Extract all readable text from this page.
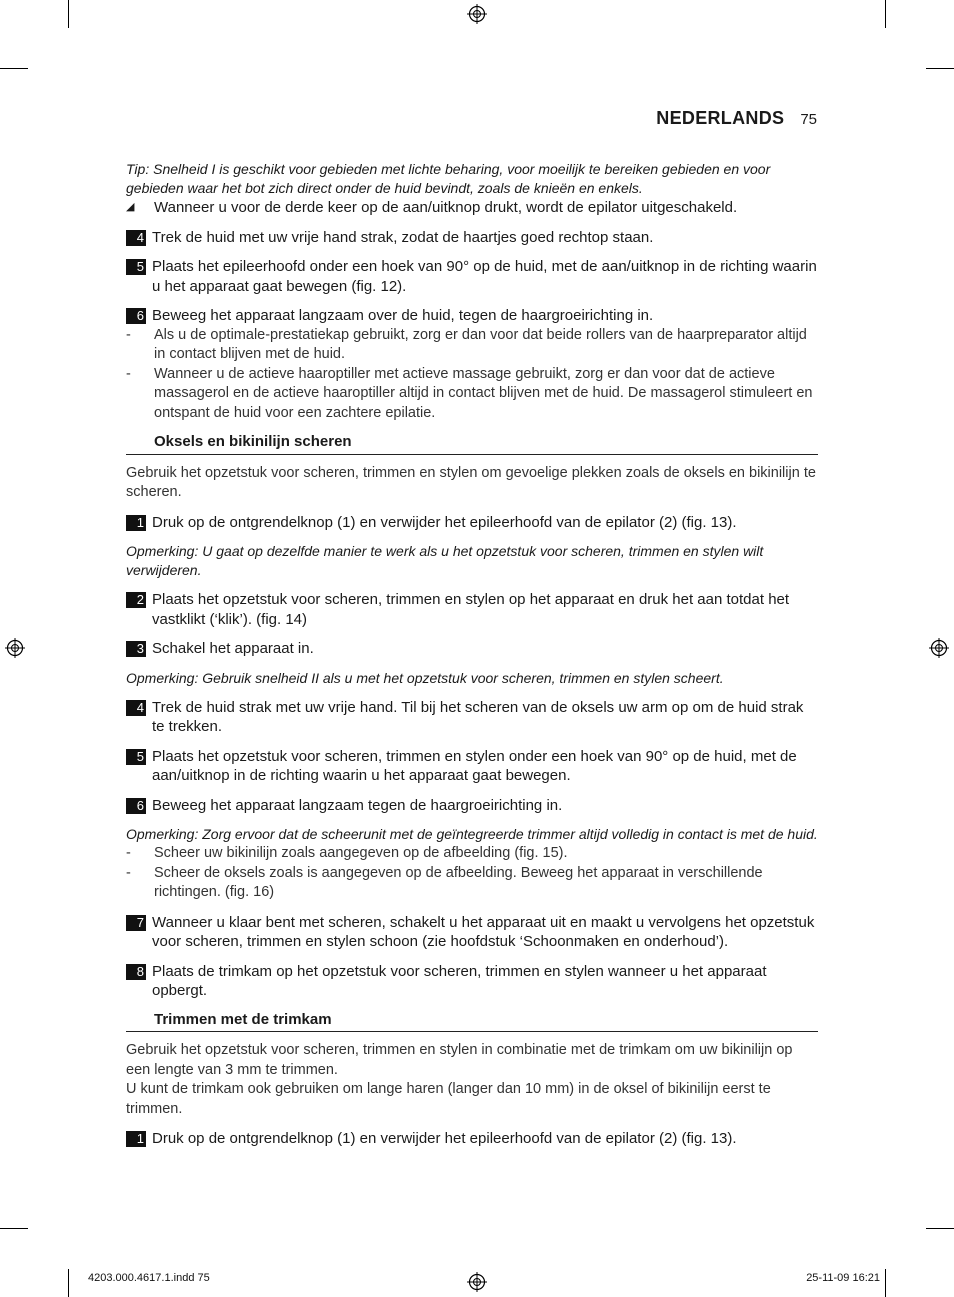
NEDERLANDS 75
Tip: Snelheid I is geschikt voor gebieden met lichte beharing, voor moeilijk te bereiken gebieden en voor gebieden waar het bot zich direct onder de huid bevindt, zoals de knieën en enkels.
◢	Wanneer u voor de derde keer op de aan/uitknop drukt, wordt de epilator uitgeschakeld.
4 Trek de huid met uw vrije hand strak, zodat de haartjes goed rechtop staan.
5 Plaats het epileerhoofd onder een hoek van 90° op de huid, met de aan/uitknop in de richting waarin u het apparaat gaat bewegen (fig. 12).
6 Beweeg het apparaat langzaam over de huid, tegen de haargroeirichting in.
-	Als u de optimale-prestatiekap gebruikt, zorg er dan voor dat beide rollers van de haarpreparator altijd in contact blijven met de huid.
-	Wanneer u de actieve haaroptiller met actieve massage gebruikt, zorg er dan voor dat de actieve massagerol en de actieve haaroptiller altijd in contact blijven met de huid. De massagerol stimuleert en ontspant de huid voor een zachtere epilatie.
Oksels en bikinilijn scheren
Gebruik het opzetstuk voor scheren, trimmen en stylen om gevoelige plekken zoals de oksels en bikinilijn te scheren.
1 Druk op de ontgrendelknop (1) en verwijder het epileerhoofd van de epilator (2) (fig. 13).
Opmerking: U gaat op dezelfde manier te werk als u het opzetstuk voor scheren, trimmen en stylen wilt verwijderen.
2 Plaats het opzetstuk voor scheren, trimmen en stylen op het apparaat en druk het aan totdat het vastklikt (‘klik’). (fig. 14)
3 Schakel het apparaat in.
Opmerking: Gebruik snelheid II als u met het opzetstuk voor scheren, trimmen en stylen scheert.
4 Trek de huid strak met uw vrije hand. Til bij het scheren van de oksels uw arm op om de huid strak te trekken.
5 Plaats het opzetstuk voor scheren, trimmen en stylen onder een hoek van 90° op de huid, met de aan/uitknop in de richting waarin u het apparaat gaat bewegen.
6 Beweeg het apparaat langzaam tegen de haargroeirichting in.
Opmerking: Zorg ervoor dat de scheerunit met de geïntegreerde trimmer altijd volledig in contact is met de huid.
-	Scheer uw bikinilijn zoals aangegeven op de afbeelding (fig. 15).
-	Scheer de oksels zoals is aangegeven op de afbeelding. Beweeg het apparaat in verschillende richtingen. (fig. 16)
7 Wanneer u klaar bent met scheren, schakelt u het apparaat uit en maakt u vervolgens het opzetstuk voor scheren, trimmen en stylen schoon (zie hoofdstuk ‘Schoonmaken en onderhoud’).
8 Plaats de trimkam op het opzetstuk voor scheren, trimmen en stylen wanneer u het apparaat opbergt.
Trimmen met de trimkam
Gebruik het opzetstuk voor scheren, trimmen en stylen in combinatie met de trimkam om uw bikinilijn op een lengte van 3 mm te trimmen.
U kunt de trimkam ook gebruiken om lange haren (langer dan 10 mm) in de oksel of bikinilijn eerst te trimmen.
1 Druk op de ontgrendelknop (1) en verwijder het epileerhoofd van de epilator (2) (fig. 13).
4203.000.4617.1.indd 75	25-11-09 16:21
